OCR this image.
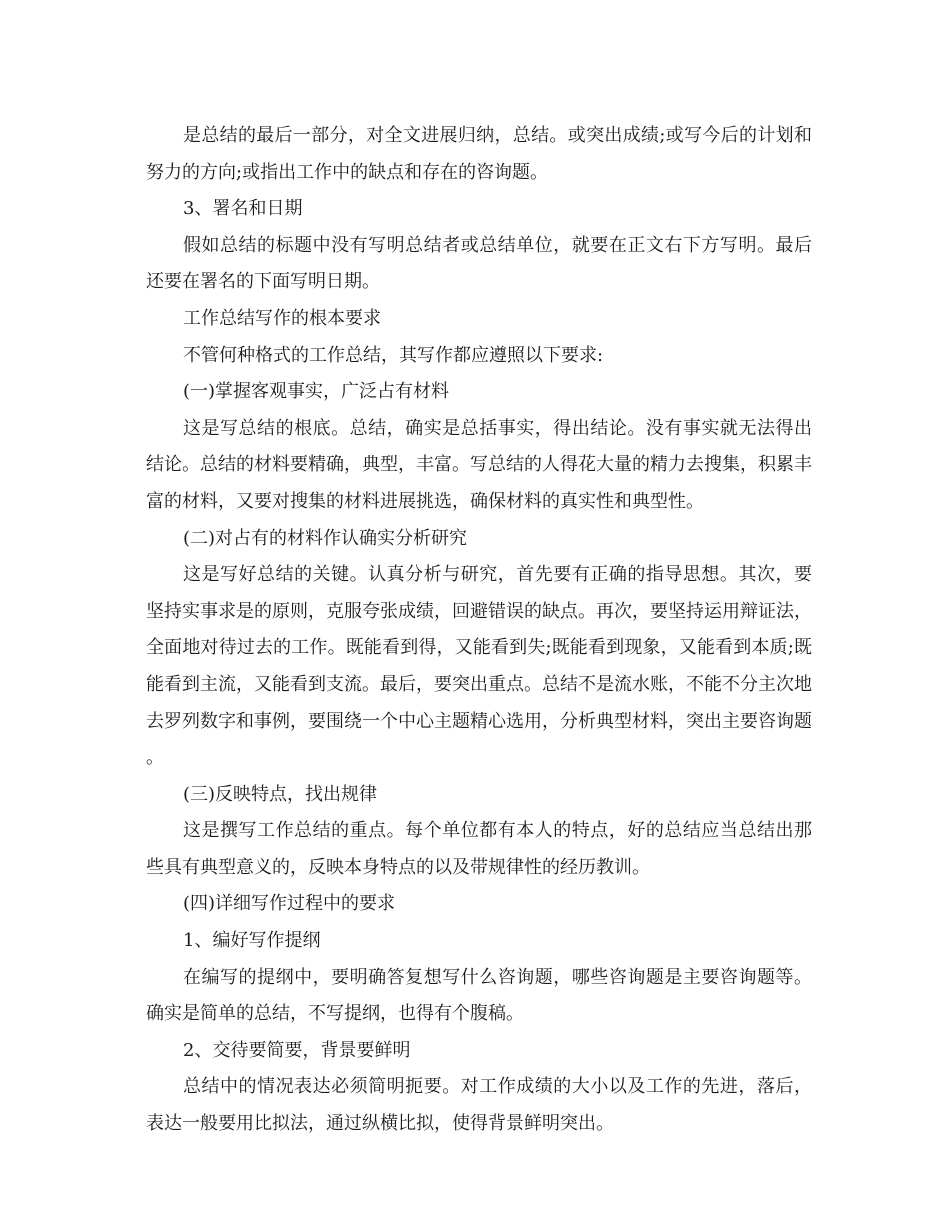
是总结的最后一部分，对全文进展归纳，总结。或突出成绩;或写今后的计划和努力的方向;或指出工作中的缺点和存在的咨询题。

3、署名和日期

假如总结的标题中没有写明总结者或总结单位，就要在正文右下方写明。最后还要在署名的下面写明日期。

工作总结写作的根本要求

不管何种格式的工作总结，其写作都应遵照以下要求:

(一)掌握客观事实，广泛占有材料

这是写总结的根底。总结，确实是总括事实，得出结论。没有事实就无法得出结论。总结的材料要精确，典型，丰富。写总结的人得花大量的精力去搜集，积累丰富的材料，又要对搜集的材料进展挑选，确保材料的真实性和典型性。

(二)对占有的材料作认确实分析研究

这是写好总结的关键。认真分析与研究，首先要有正确的指导思想。其次，要坚持实事求是的原则，克服夸张成绩，回避错误的缺点。再次，要坚持运用辩证法，全面地对待过去的工作。既能看到得，又能看到失;既能看到现象，又能看到本质;既能看到主流，又能看到支流。最后，要突出重点。总结不是流水账，不能不分主次地去罗列数字和事例，要围绕一个中心主题精心选用，分析典型材料，突出主要咨询题。

(三)反映特点，找出规律

这是撰写工作总结的重点。每个单位都有本人的特点，好的总结应当总结出那些具有典型意义的，反映本身特点的以及带规律性的经历教训。

(四)详细写作过程中的要求

1、编好写作提纲

在编写的提纲中，要明确答复想写什么咨询题，哪些咨询题是主要咨询题等。确实是简单的总结，不写提纲，也得有个腹稿。

2、交待要简要，背景要鲜明

总结中的情况表达必须简明扼要。对工作成绩的大小以及工作的先进，落后，表达一般要用比拟法，通过纵横比拟，使得背景鲜明突出。
